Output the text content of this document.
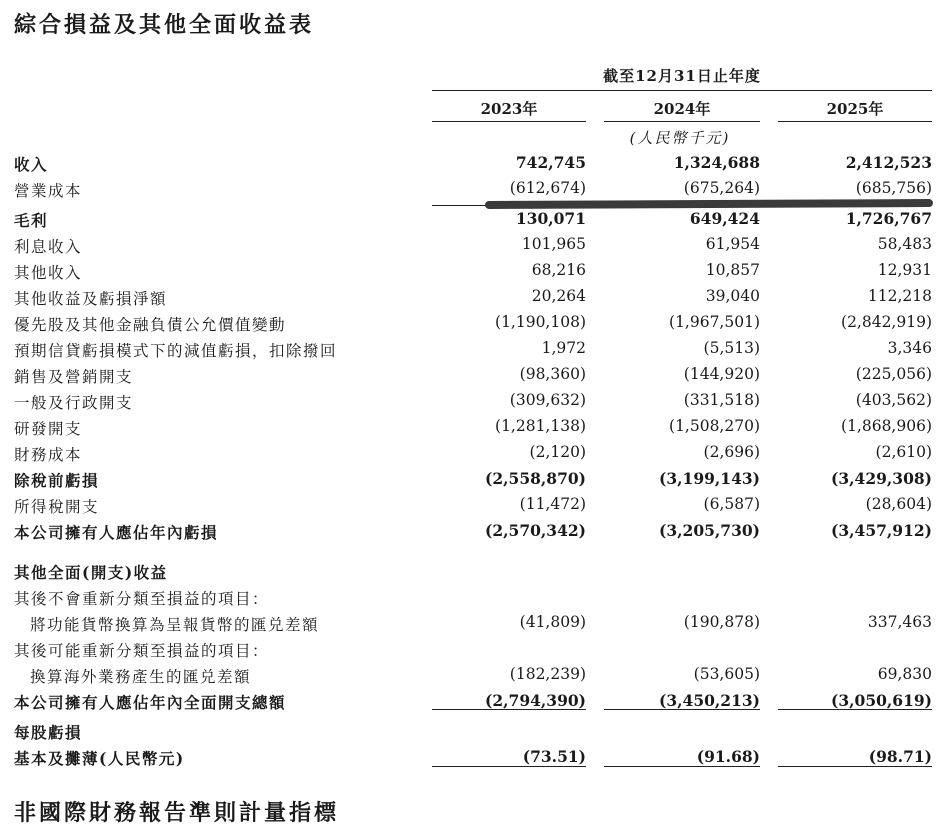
綜合損益及其他全面收益表
截至12月31日止年度
2023年	2024年	2025年
(人民幣千元)
收入	742,745	1,324,688	2,412,523
營業成本	(612,674)	(675,264)	(685,756)
毛利	130,071	649,424	1,726,767
利息收入	101,965	61,954	58,483
其他收入	68,216	10,857	12,931
其他收益及虧損淨額	20,264	39,040	112,218
優先股及其他金融負債公允價值變動	(1,190,108)	(1,967,501)	(2,842,919)
預期信貸虧損模式下的減值虧損，扣除撥回	1,972	(5,513)	3,346
銷售及營銷開支	(98,360)	(144,920)	(225,056)
一般及行政開支	(309,632)	(331,518)	(403,562)
研發開支	(1,281,138)	(1,508,270)	(1,868,906)
財務成本	(2,120)	(2,696)	(2,610)
除稅前虧損	(2,558,870)	(3,199,143)	(3,429,308)
所得稅開支	(11,472)	(6,587)	(28,604)
本公司擁有人應佔年內虧損	(2,570,342)	(3,205,730)	(3,457,912)
其他全面(開支)收益
其後不會重新分類至損益的項目：
將功能貨幣換算為呈報貨幣的匯兑差額	(41,809)	(190,878)	337,463
其後可能重新分類至損益的項目：
換算海外業務產生的匯兑差額	(182,239)	(53,605)	69,830
本公司擁有人應佔年內全面開支總額	(2,794,390)	(3,450,213)	(3,050,619)
每股虧損
基本及攤薄(人民幣元)	(73.51)	(91.68)	(98.71)
非國際財務報告準則計量指標
